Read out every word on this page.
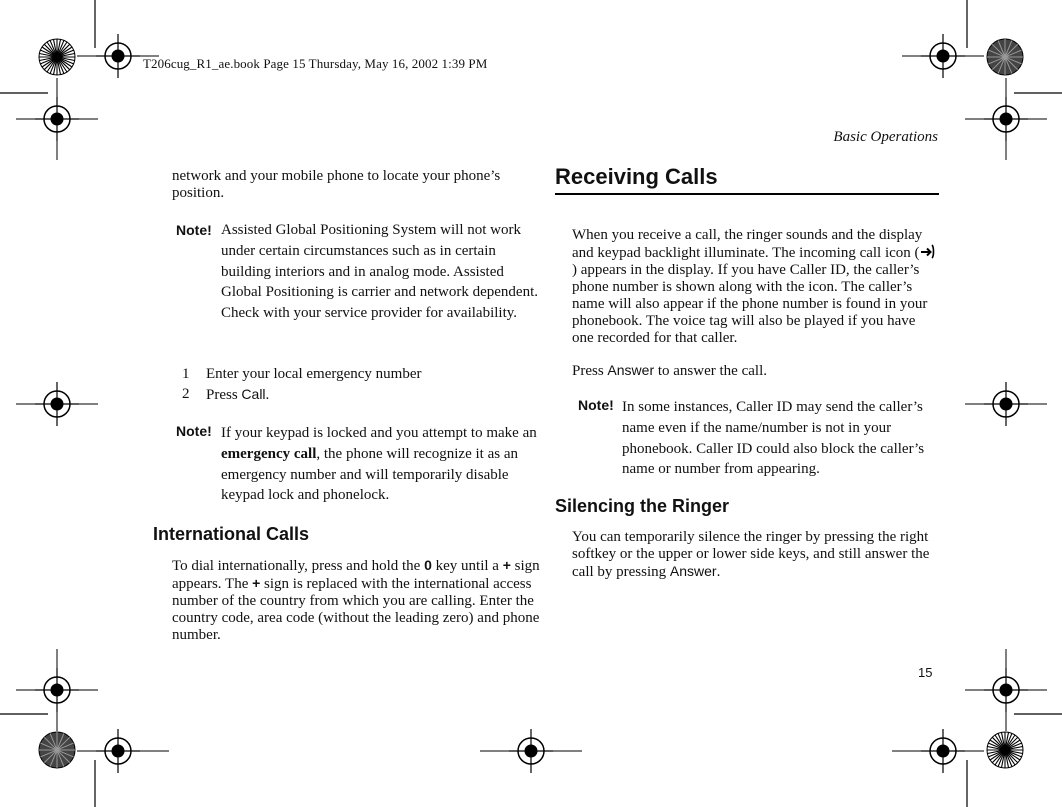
T206cug_R1_ae.book Page 15 Thursday, May 16, 2002 1:39 PM
Basic Operations
network and your mobile phone to locate your phone’s position.
Note! Assisted Global Positioning System will not work under certain circumstances such as in certain building interiors and in analog mode. Assisted Global Positioning is carrier and network dependent. Check with your service provider for availability.
1 Enter your local emergency number
2 Press Call.
Note! If your keypad is locked and you attempt to make an emergency call, the phone will recognize it as an emergency number and will temporarily disable keypad lock and phonelock.
International Calls
To dial internationally, press and hold the 0 key until a + sign appears. The + sign is replaced with the international access number of the country from which you are calling. Enter the country code, area code (without the leading zero) and phone number.
Receiving Calls
When you receive a call, the ringer sounds and the display and keypad backlight illuminate. The incoming call icon () appears in the display. If you have Caller ID, the caller’s phone number is shown along with the icon. The caller’s name will also appear if the phone number is found in your phonebook. The voice tag will also be played if you have one recorded for that caller.
Press Answer to answer the call.
Note! In some instances, Caller ID may send the caller’s name even if the name/number is not in your phonebook. Caller ID could also block the caller’s name or number from appearing.
Silencing the Ringer
You can temporarily silence the ringer by pressing the right softkey or the upper or lower side keys, and still answer the call by pressing Answer.
15
